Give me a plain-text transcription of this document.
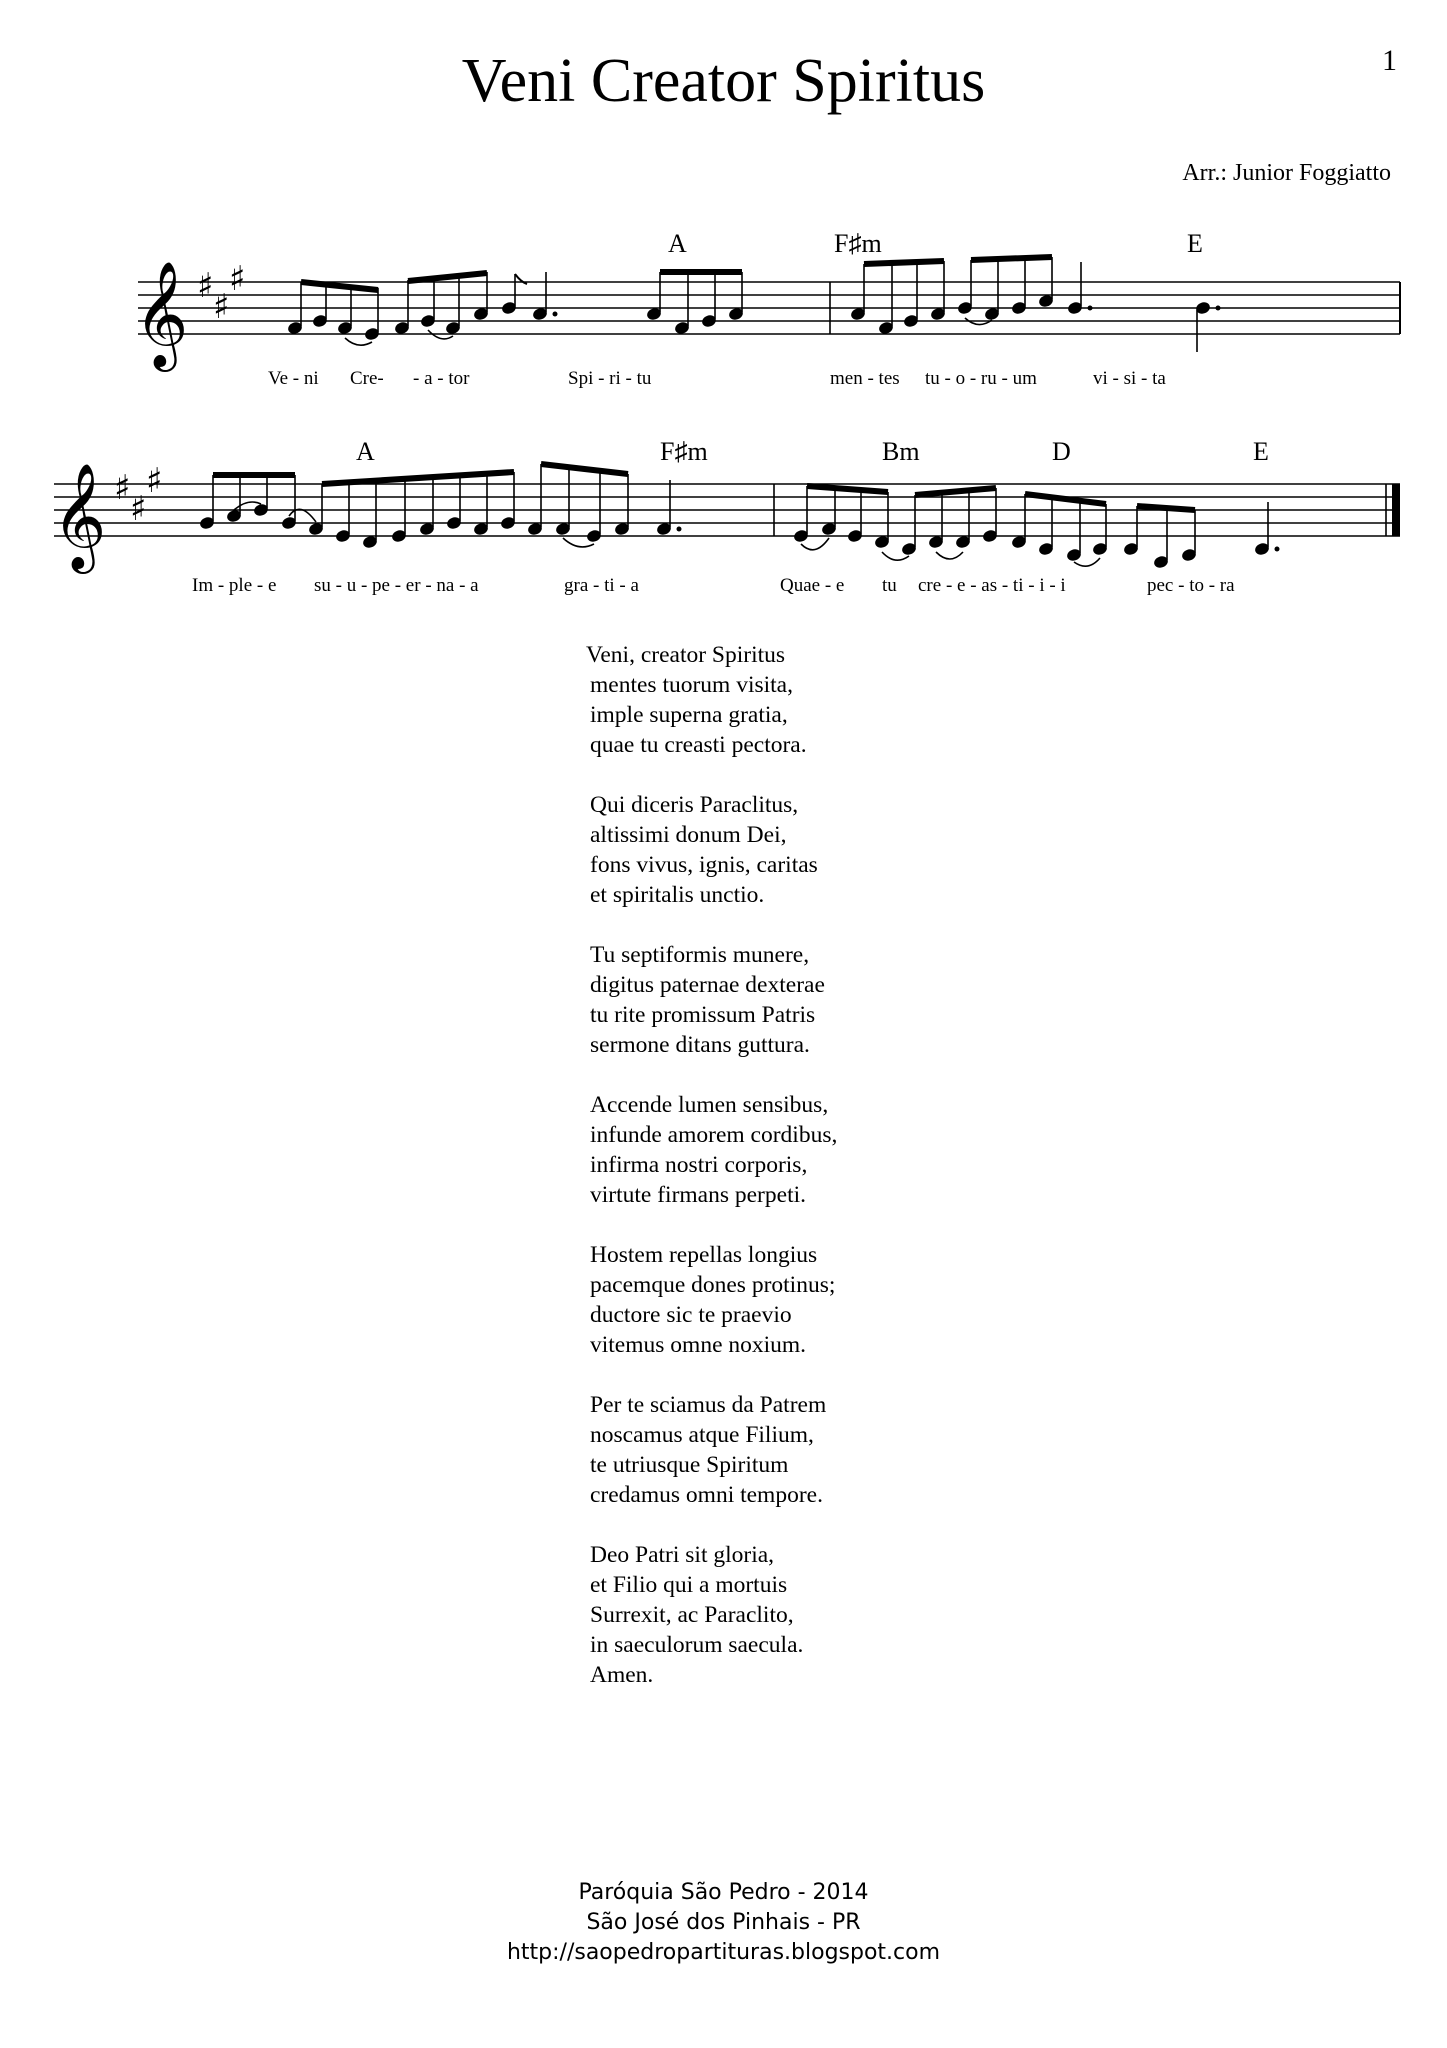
1
Veni Creator Spiritus
Arr.: Junior Foggiatto
𝄞 ♯
♯
♯
A	F♯m	E
Ve - ni Cre- - a - tor	Spi - ri - tu	men - tes tu - o - ru - um	vi - si - ta
𝄞 ♯
♯
♯
A	F♯m	Bm	D	E
Im - ple - e su - u - pe - er - na - a	gra - ti - a	Quae - e tu cre - e - as - ti - i - i	pec - to - ra
Veni, creator Spiritus
mentes tuorum visita,
imple superna gratia,
quae tu creasti pectora.
Qui diceris Paraclitus,
altissimi donum Dei,
fons vivus, ignis, caritas
et spiritalis unctio.
Tu septiformis munere,
digitus paternae dexterae
tu rite promissum Patris
sermone ditans guttura.
Accende lumen sensibus,
infunde amorem cordibus,
infirma nostri corporis,
virtute firmans perpeti.
Hostem repellas longius
pacemque dones protinus;
ductore sic te praevio
vitemus omne noxium.
Per te sciamus da Patrem
noscamus atque Filium,
te utriusque Spiritum
credamus omni tempore.
Deo Patri sit gloria,
et Filio qui a mortuis
Surrexit, ac Paraclito,
in saeculorum saecula.
Amen.
Paróquia São Pedro - 2014
São José dos Pinhais - PR
http://saopedropartituras.blogspot.com
